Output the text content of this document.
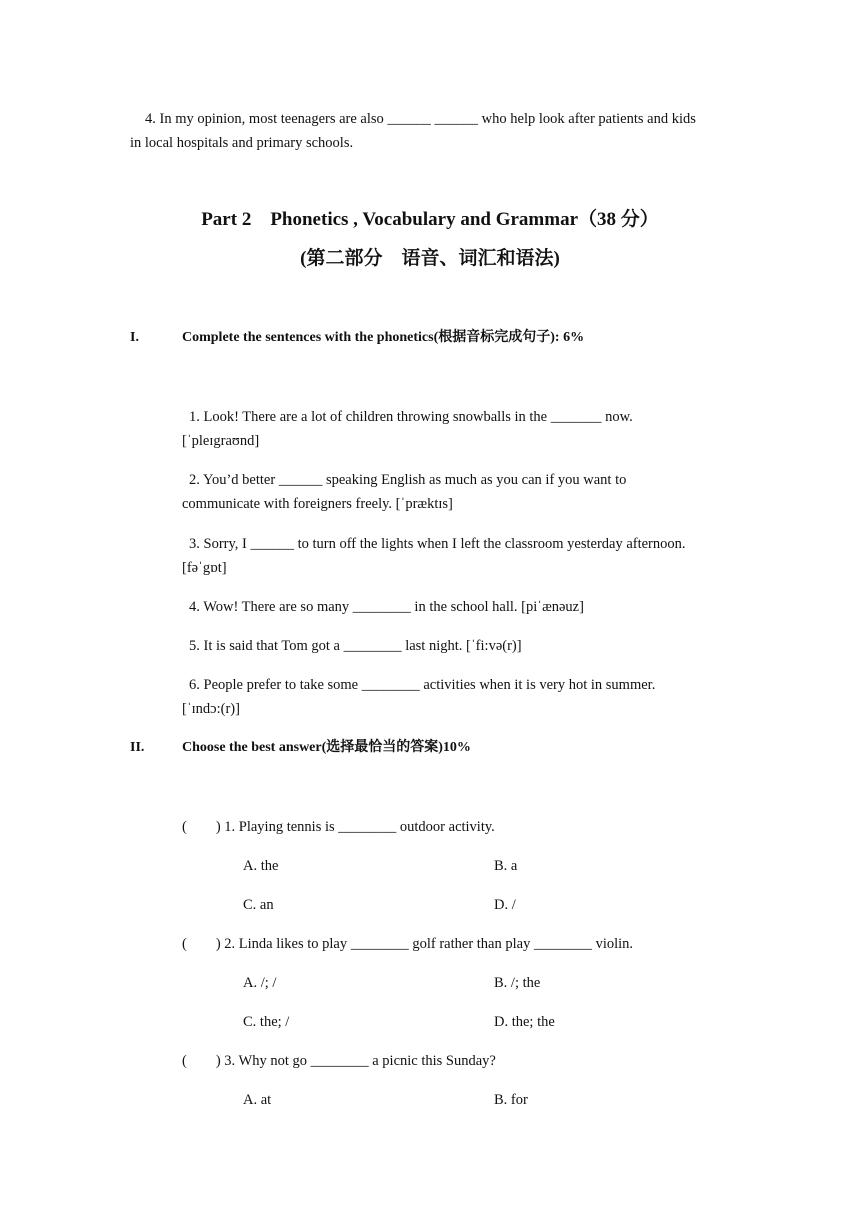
4. In my opinion, most teenagers are also ______ ______ who help look after patients and kids
in local hospitals and primary schools.
Part 2    Phonetics , Vocabulary and Grammar（38 分）
(第二部分    语音、词汇和语法)
I.	Complete the sentences with the phonetics(根据音标完成句子): 6%
1. Look! There are a lot of children throwing snowballs in the _______ now.
[ˈpleɪgraʊnd]
2. You’d better ______ speaking English as much as you can if you want to
communicate with foreigners freely. [ˈpræktɪs]
3. Sorry, I ______ to turn off the lights when I left the classroom yesterday afternoon.
[fəˈgɒt]
4. Wow! There are so many ________ in the school hall. [piˈænəuz]
5. It is said that Tom got a ________ last night. [ˈfi:və(r)]
6. People prefer to take some ________ activities when it is very hot in summer.
[ˈɪndɔ:(r)]
II.	Choose the best answer(选择最恰当的答案)10%
(        ) 1. Playing tennis is ________ outdoor activity.
A. the	B. a
C. an	D. /
(        ) 2. Linda likes to play ________ golf rather than play ________ violin.
A. /; /	B. /; the
C. the; /	D. the; the
(        ) 3. Why not go ________ a picnic this Sunday?
A. at	B. for
